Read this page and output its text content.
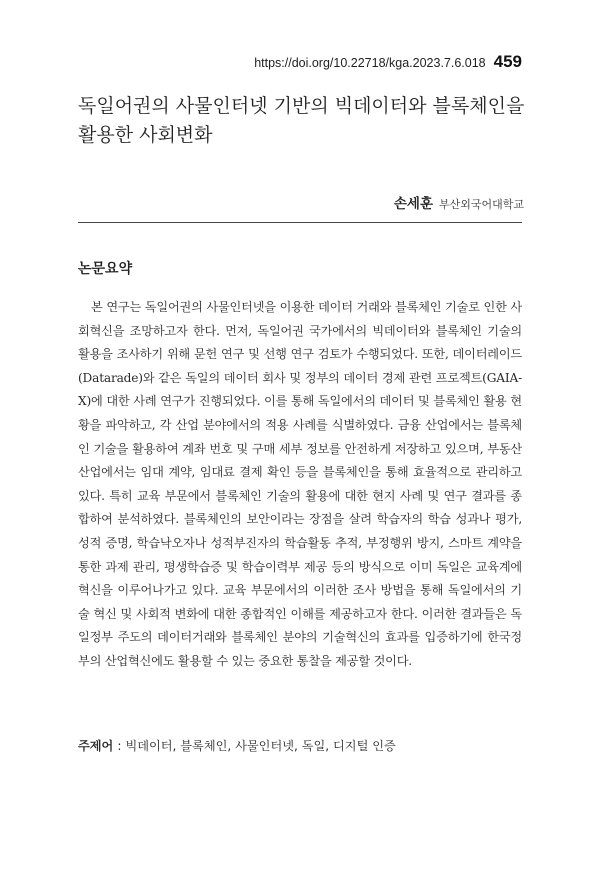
https://doi.org/10.22718/kga.2023.7.6.018 459
독일어권의 사물인터넷 기반의 빅데이터와 블록체인을 활용한 사회변화
손세훈 부산외국어대학교
논문요약

본 연구는 독일어권의 사물인터넷을 이용한 데이터 거래와 블록체인 기술로 인한 사회혁신을 조망하고자 한다. 먼저, 독일어권 국가에서의 빅데이터와 블록체인 기술의 활용을 조사하기 위해 문헌 연구 및 선행 연구 검토가 수행되었다. 또한, 데이터레이드(Datarade)와 같은 독일의 데이터 회사 및 정부의 데이터 경제 관련 프로젝트(GAIA-X)에 대한 사례 연구가 진행되었다. 이를 통해 독일에서의 데이터 및 블록체인 활용 현황을 파악하고, 각 산업 분야에서의 적용 사례를 식별하였다. 금융 산업에서는 블록체인 기술을 활용하여 계좌 번호 및 구매 세부 정보를 안전하게 저장하고 있으며, 부동산 산업에서는 임대 계약, 임대료 결제 확인 등을 블록체인을 통해 효율적으로 관리하고 있다. 특히 교육 부문에서 블록체인 기술의 활용에 대한 현지 사례 및 연구 결과를 종합하여 분석하였다. 블록체인의 보안이라는 장점을 살려 학습자의 학습 성과나 평가, 성적 증명, 학습낙오자나 성적부진자의 학습활동 추적, 부정행위 방지, 스마트 계약을 통한 과제 관리, 평생학습증 및 학습이력부 제공 등의 방식으로 이미 독일은 교육계에 혁신을 이루어나가고 있다. 교육 부문에서의 이러한 조사 방법을 통해 독일에서의 기술 혁신 및 사회적 변화에 대한 종합적인 이해를 제공하고자 한다. 이러한 결과들은 독일정부 주도의 데이터거래와 블록체인 분야의 기술혁신의 효과를 입증하기에 한국정부의 산업혁신에도 활용할 수 있는 중요한 통찰을 제공할 것이다.

주제어 : 빅데이터, 블록체인, 사물인터넷, 독일, 디지털 인증
